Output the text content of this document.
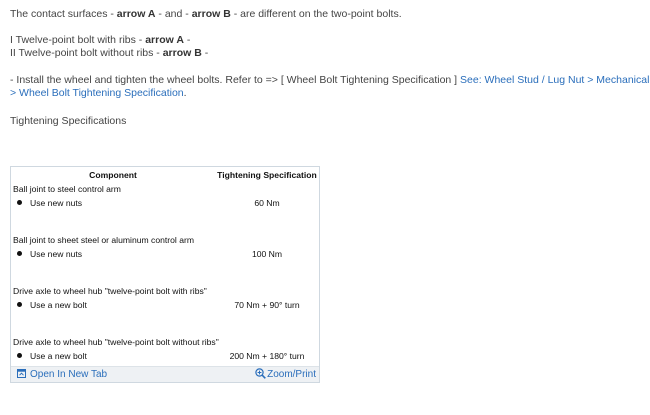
The contact surfaces - arrow A - and - arrow B - are different on the two-point bolts.
I Twelve-point bolt with ribs - arrow A -
II Twelve-point bolt without ribs - arrow B -
- Install the wheel and tighten the wheel bolts. Refer to => [ Wheel Bolt Tightening Specification ] See: Wheel Stud / Lug Nut > Mechanical > Wheel Bolt Tightening Specification.
Tightening Specifications
Component	Tightening Specification
Ball joint to steel control arm	
Use new nuts	60 Nm

Ball joint to sheet steel or aluminum control arm	
Use new nuts	100 Nm

Drive axle to wheel hub "twelve-point bolt with ribs"	
Use a new bolt	70 Nm + 90° turn

Drive axle to wheel hub "twelve-point bolt without ribs"	
Use a new bolt	200 Nm + 180° turn
Open In New Tab	Zoom/Print
